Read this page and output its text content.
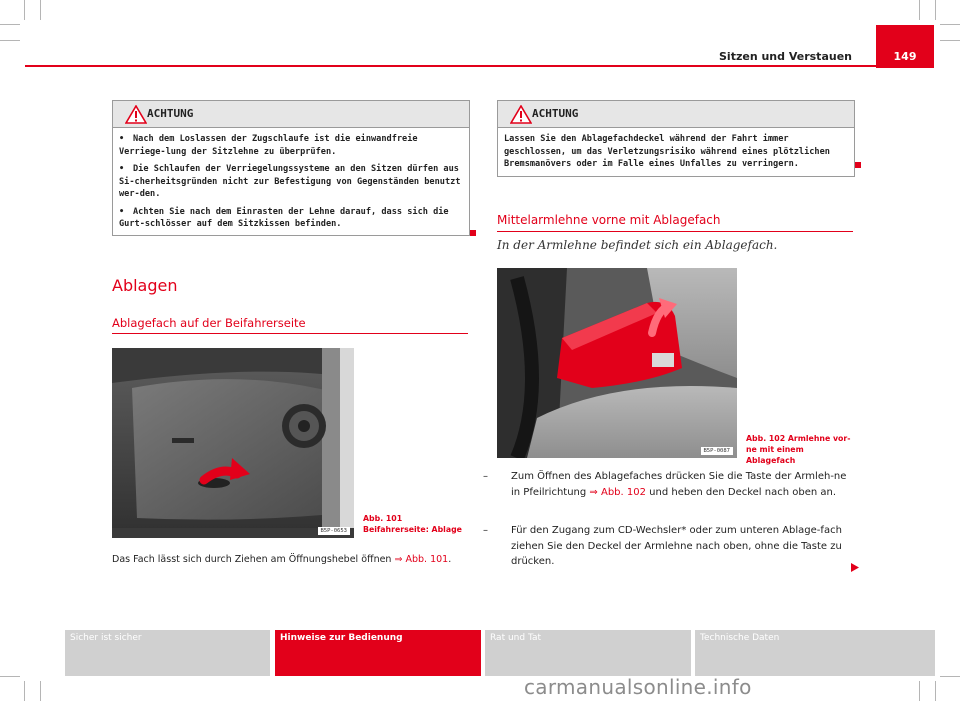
Sitzen und Verstauen	149
ACHTUNG

• Nach dem Loslassen der Zugschlaufe ist die einwandfreie Verriege-lung der Sitzlehne zu überprüfen.

• Die Schlaufen der Verriegelungssysteme an den Sitzen dürfen aus Si-cherheitsgründen nicht zur Befestigung von Gegenständen benutzt wer-den.

• Achten Sie nach dem Einrasten der Lehne darauf, dass sich die Gurt-schlösser auf dem Sitzkissen befinden.

Ablagen
Ablagefach auf der Beifahrerseite
B5P-0653
Abb. 101 Beifahrerseite: Ablage
Das Fach lässt sich durch Ziehen am Öffnungshebel öffnen ⇒ Abb. 101.
ACHTUNG
Lassen Sie den Ablagefachdeckel während der Fahrt immer geschlossen, um das Verletzungsrisiko während eines plötzlichen Bremsmanövers oder im Falle eines Unfalles zu verringern.
Mittelarmlehne vorne mit Ablagefach
In der Armlehne befindet sich ein Ablagefach.
B5P-0087
Abb. 102 Armlehne vor-ne mit einem Ablagefach
– Zum Öffnen des Ablagefaches drücken Sie die Taste der Armleh-ne in Pfeilrichtung ⇒ Abb. 102 und heben den Deckel nach oben an.
– Für den Zugang zum CD-Wechsler* oder zum unteren Ablage-fach ziehen Sie den Deckel der Armlehne nach oben, ohne die Taste zu drücken.
Sicher ist sicher	Hinweise zur Bedienung	Rat und Tat	Technische Daten
carmanualsonline.info
